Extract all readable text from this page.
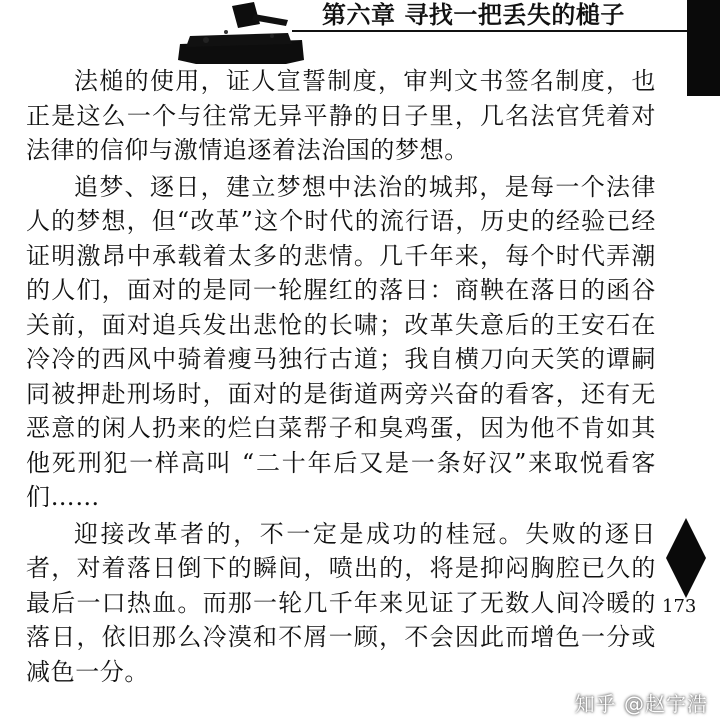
第六章 寻找一把丢失的槌子

法槌的使用，证人宣誓制度，审判文书签名制度，也正是这么一个与往常无异平静的日子里，几名法官凭着对法律的信仰与激情追逐着法治国的梦想。

追梦、逐日，建立梦想中法治的城邦，是每一个法律人的梦想，但“改革”这个时代的流行语，历史的经验已经证明激昂中承载着太多的悲情。几千年来，每个时代弄潮的人们，面对的是同一轮腥红的落日：商鞅在落日的函谷关前，面对追兵发出悲怆的长啸；改革失意后的王安石在冷冷的西风中骑着瘦马独行古道；我自横刀向天笑的谭嗣同被押赴刑场时，面对的是街道两旁兴奋的看客，还有无恶意的闲人扔来的烂白菜帮子和臭鸡蛋，因为他不肯如其他死刑犯一样高叫 “二十年后又是一条好汉”来取悦看客们……

迎接改革者的，不一定是成功的桂冠。失败的逐日者，对着落日倒下的瞬间，喷出的，将是抑闷胸腔已久的最后一口热血。而那一轮几千年来见证了无数人间冷暖的落日，依旧那么冷漠和不屑一顾，不会因此而增色一分或减色一分。

173
知乎 @赵宇浩
